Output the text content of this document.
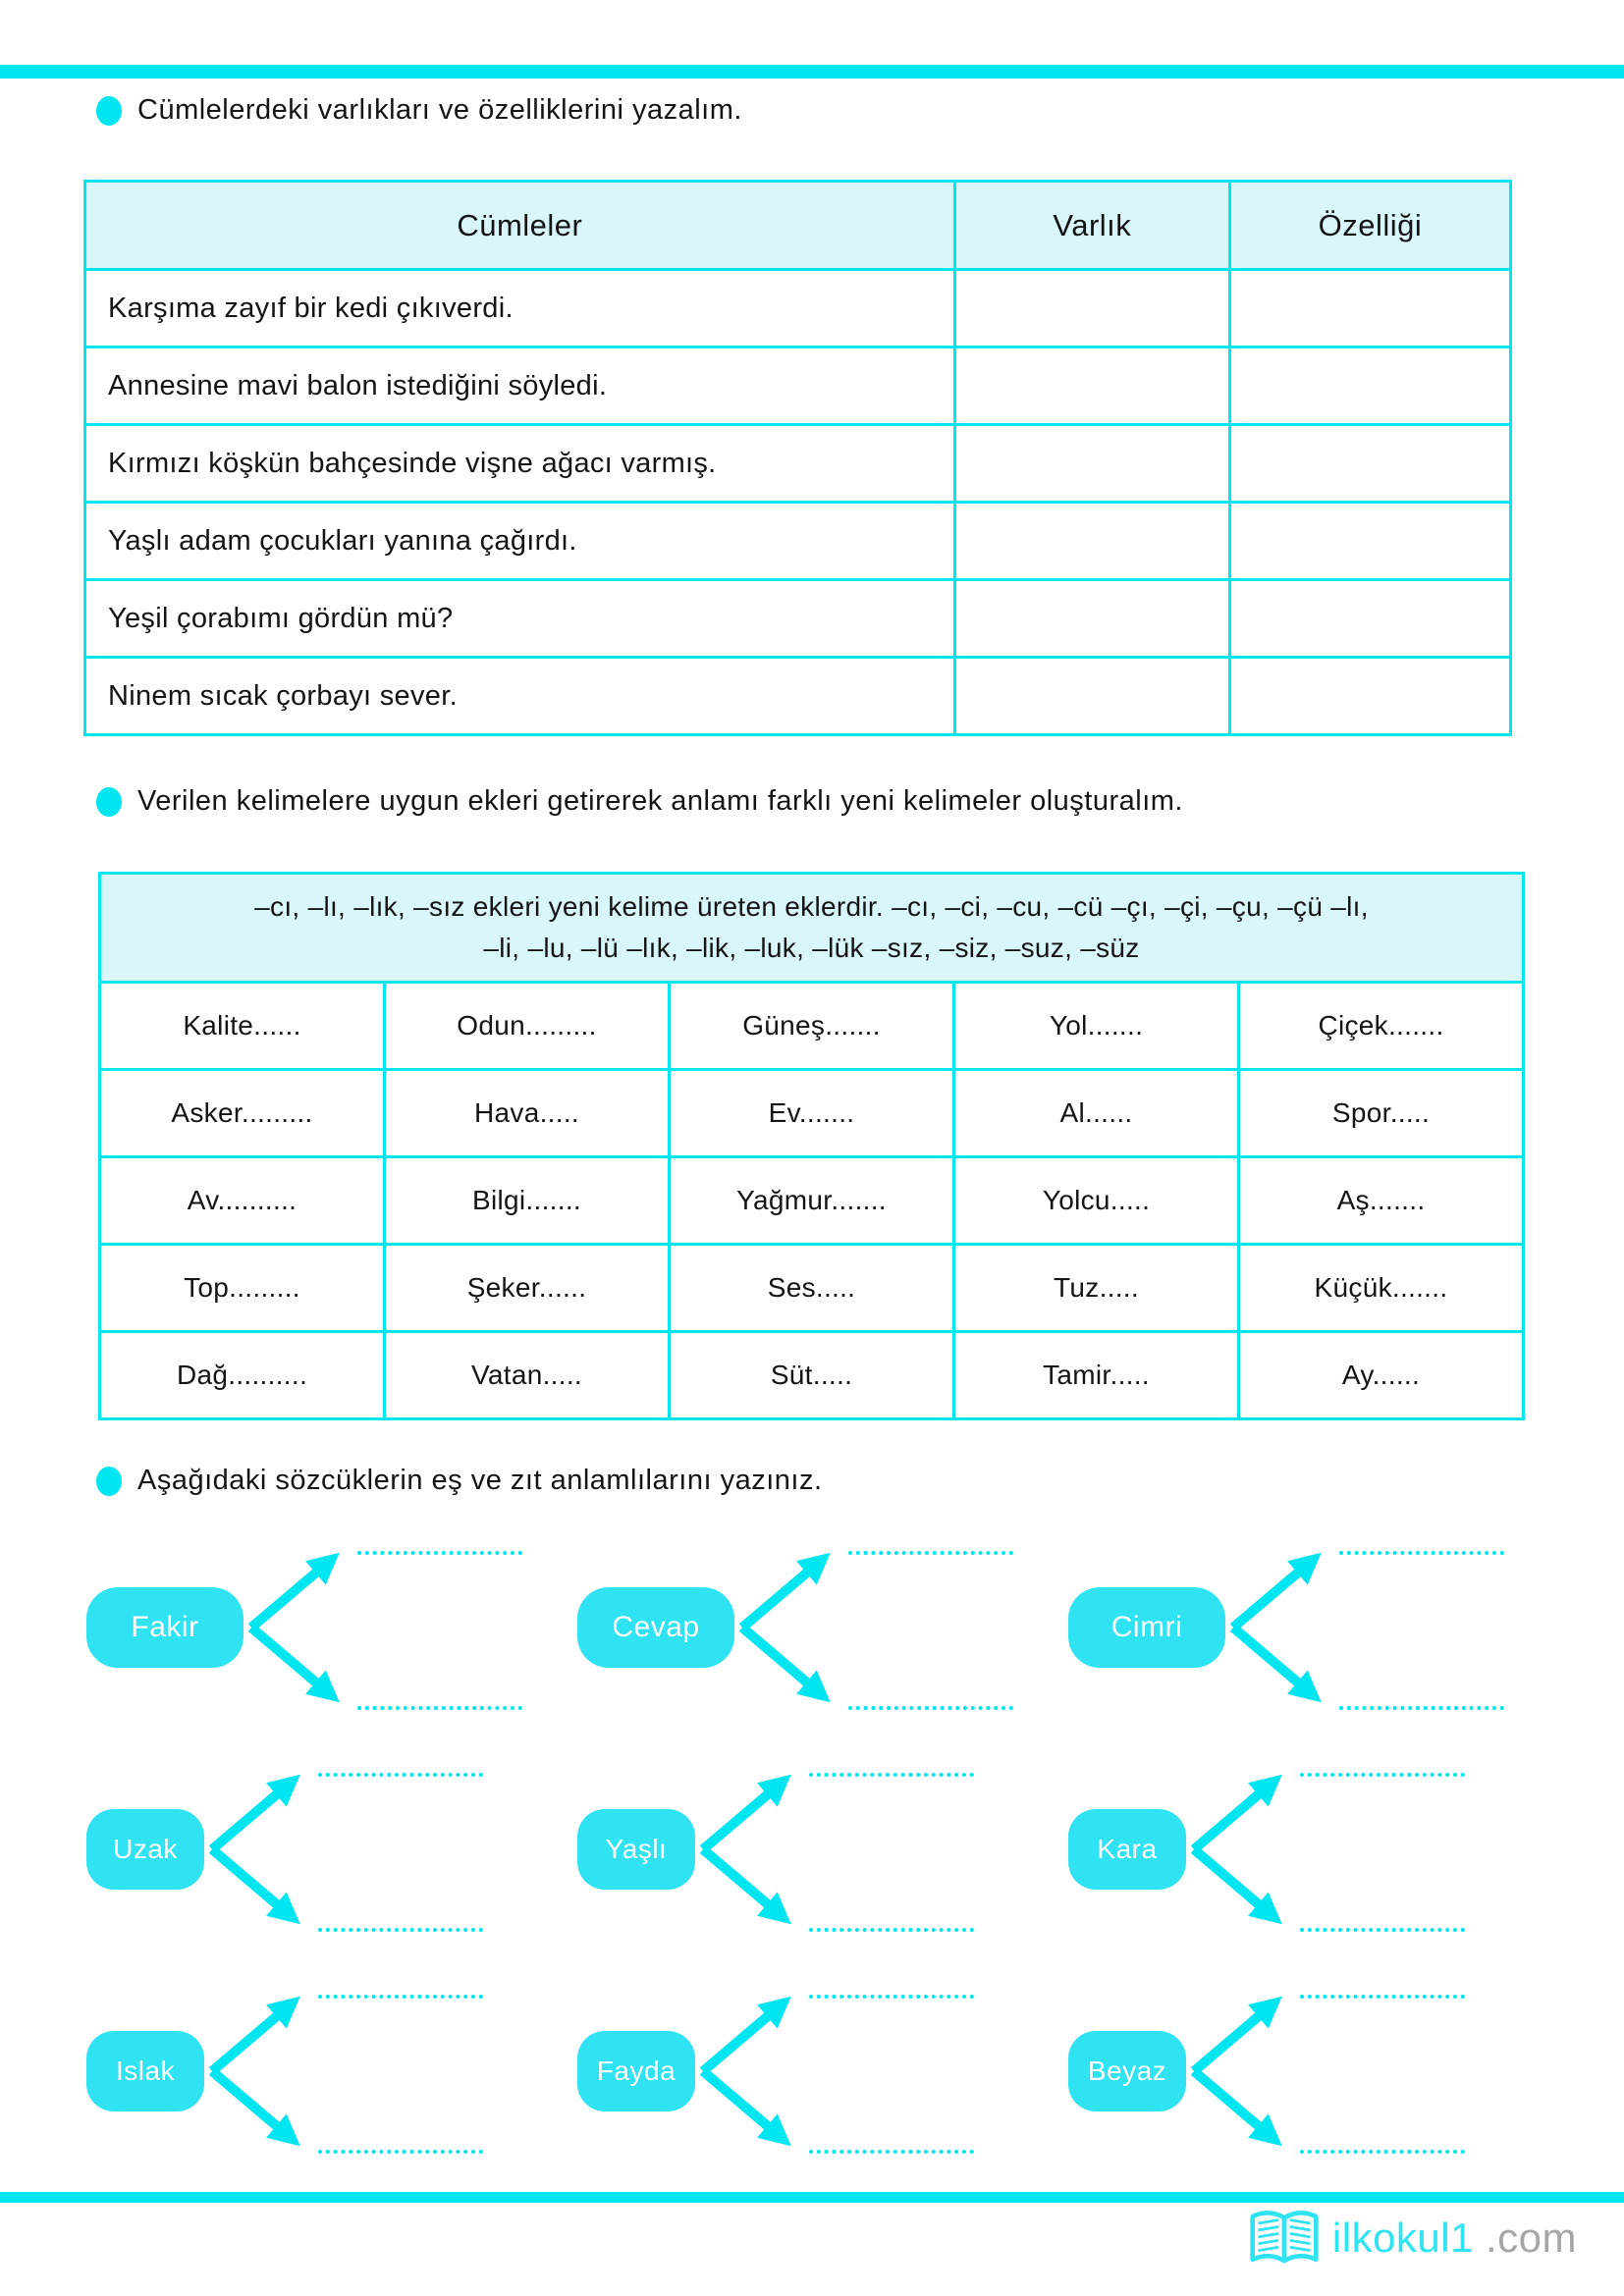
Cümlelerdeki varlıkları ve özelliklerini yazalım.
Cümleler	Varlık	Özelliği
Karşıma zayıf bir kedi çıkıverdi.		
Annesine mavi balon istediğini söyledi.		
Kırmızı köşkün bahçesinde vişne ağacı varmış.		
Yaşlı adam çocukları yanına çağırdı.		
Yeşil çorabımı gördün mü?		
Ninem sıcak çorbayı sever.		
Verilen kelimelere uygun ekleri getirerek anlamı farklı yeni kelimeler oluşturalım.
–cı, –lı, –lık, –sız ekleri yeni kelime üreten eklerdir. –cı, –ci, –cu, –cü –çı, –çi, –çu, –çü –lı,
–li, –lu, –lü –lık, –lik, –luk, –lük –sız, –siz, –suz, –süz				

Kalite......	Odun.........	Güneş.......	Yol.......	Çiçek.......
Asker.........	Hava.....	Ev.......	Al......	Spor.....
Av..........	Bilgi.......	Yağmur.......	Yolcu.....	Aş.......
Top.........	Şeker......	Ses.....	Tuz.....	Küçük.......
Dağ..........	Vatan.....	Süt.....	Tamir.....	Ay......
Aşağıdaki sözcüklerin eş ve zıt anlamlılarını yazınız.
Fakir	Cevap	Cimri
Uzak	Yaşlı	Kara
Islak	Fayda	Beyaz
ilkokul1 .com
